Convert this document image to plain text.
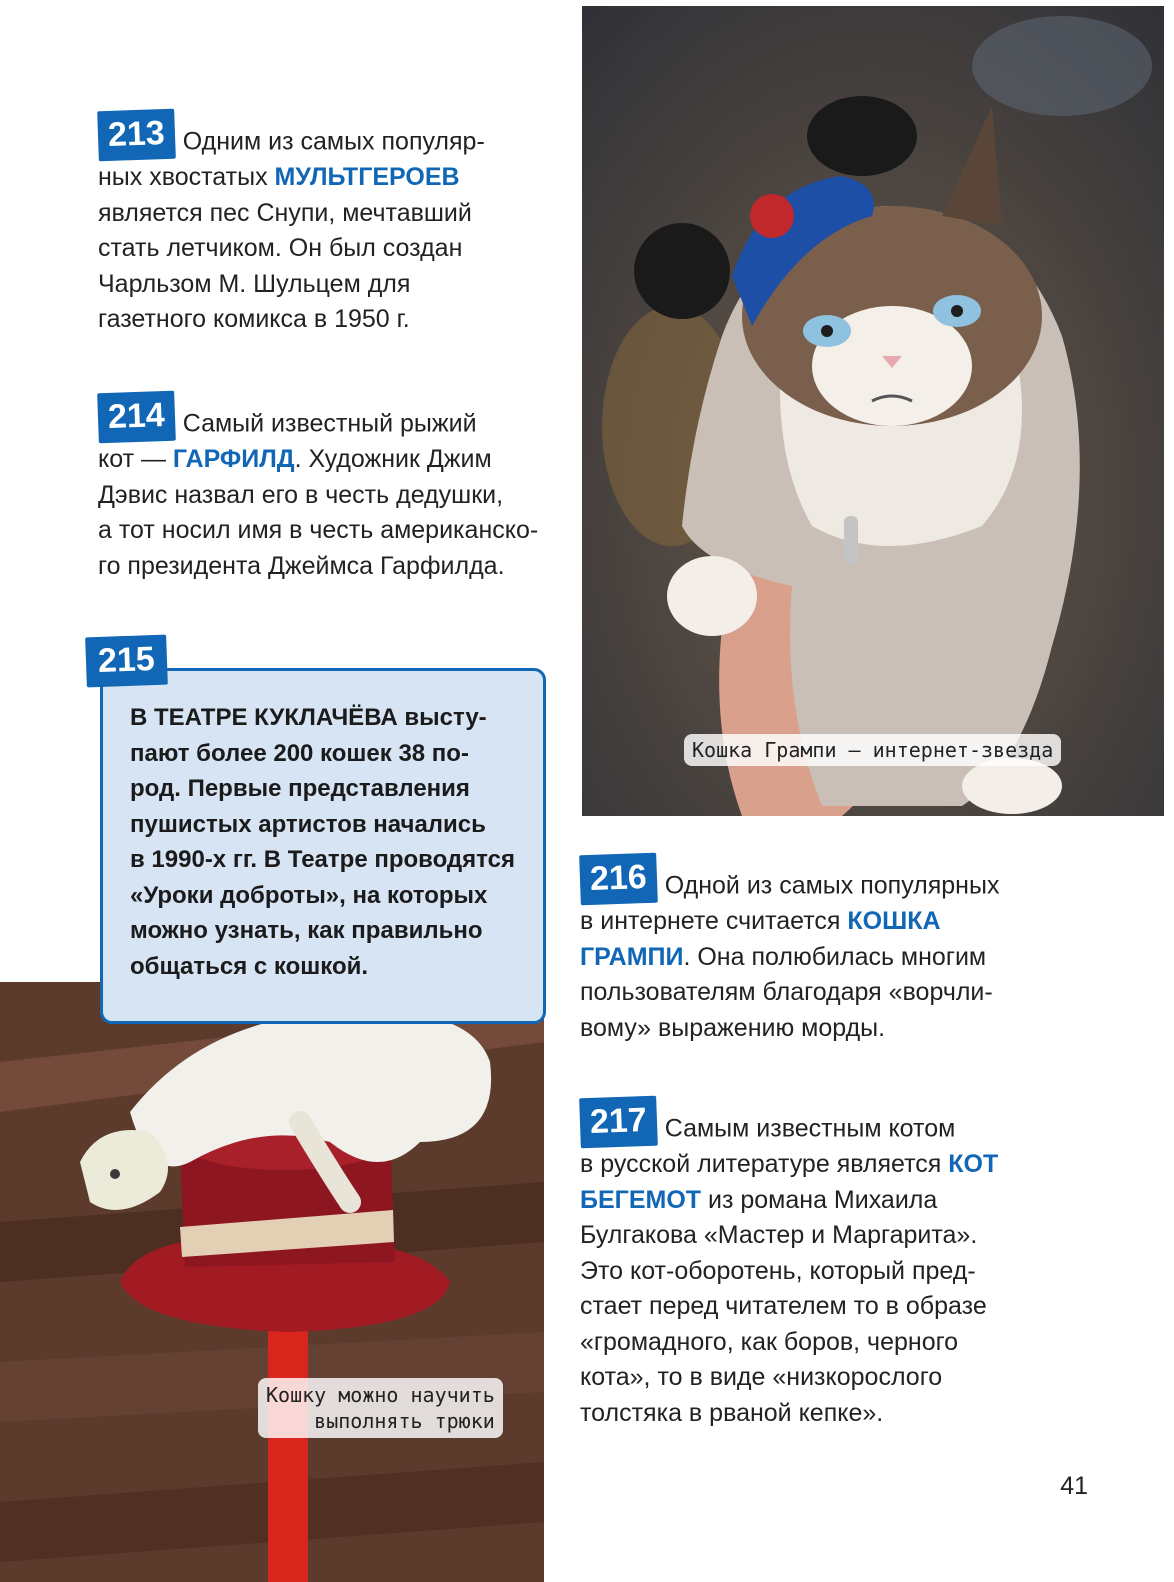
Кошка Грампи — интернет-звезда
Кошку можно научить
выполнять трюки
213 Одним из самых популяр-
ных хвостатых МУЛЬТГЕРОЕВ
является пес Снупи, мечтавший
стать летчиком. Он был создан
Чарльзом М. Шульцем для
газетного комикса в 1950 г.
214 Самый известный рыжий
кот — ГАРФИЛД. Художник Джим
Дэвис назвал его в честь дедушки,
а тот носил имя в честь американско-
го президента Джеймса Гарфилда.
215
В ТЕАТРЕ КУКЛАЧЁВА высту-
пают более 200 кошек 38 по-
род. Первые представления
пушистых артистов начались
в 1990-х гг. В Театре проводятся
«Уроки доброты», на которых
можно узнать, как правильно
общаться с кошкой.
216 Одной из самых популярных
в интернете считается КОШКА
ГРАМПИ. Она полюбилась многим
пользователям благодаря «ворчли-
вому» выражению морды.
217 Самым известным котом
в русской литературе является КОТ
БЕГЕМОТ из романа Михаила
Булгакова «Мастер и Маргарита».
Это кот-оборотень, который пред-
стает перед читателем то в образе
«громадного, как боров, черного
кота», то в виде «низкорослого
толстяка в рваной кепке».
41
